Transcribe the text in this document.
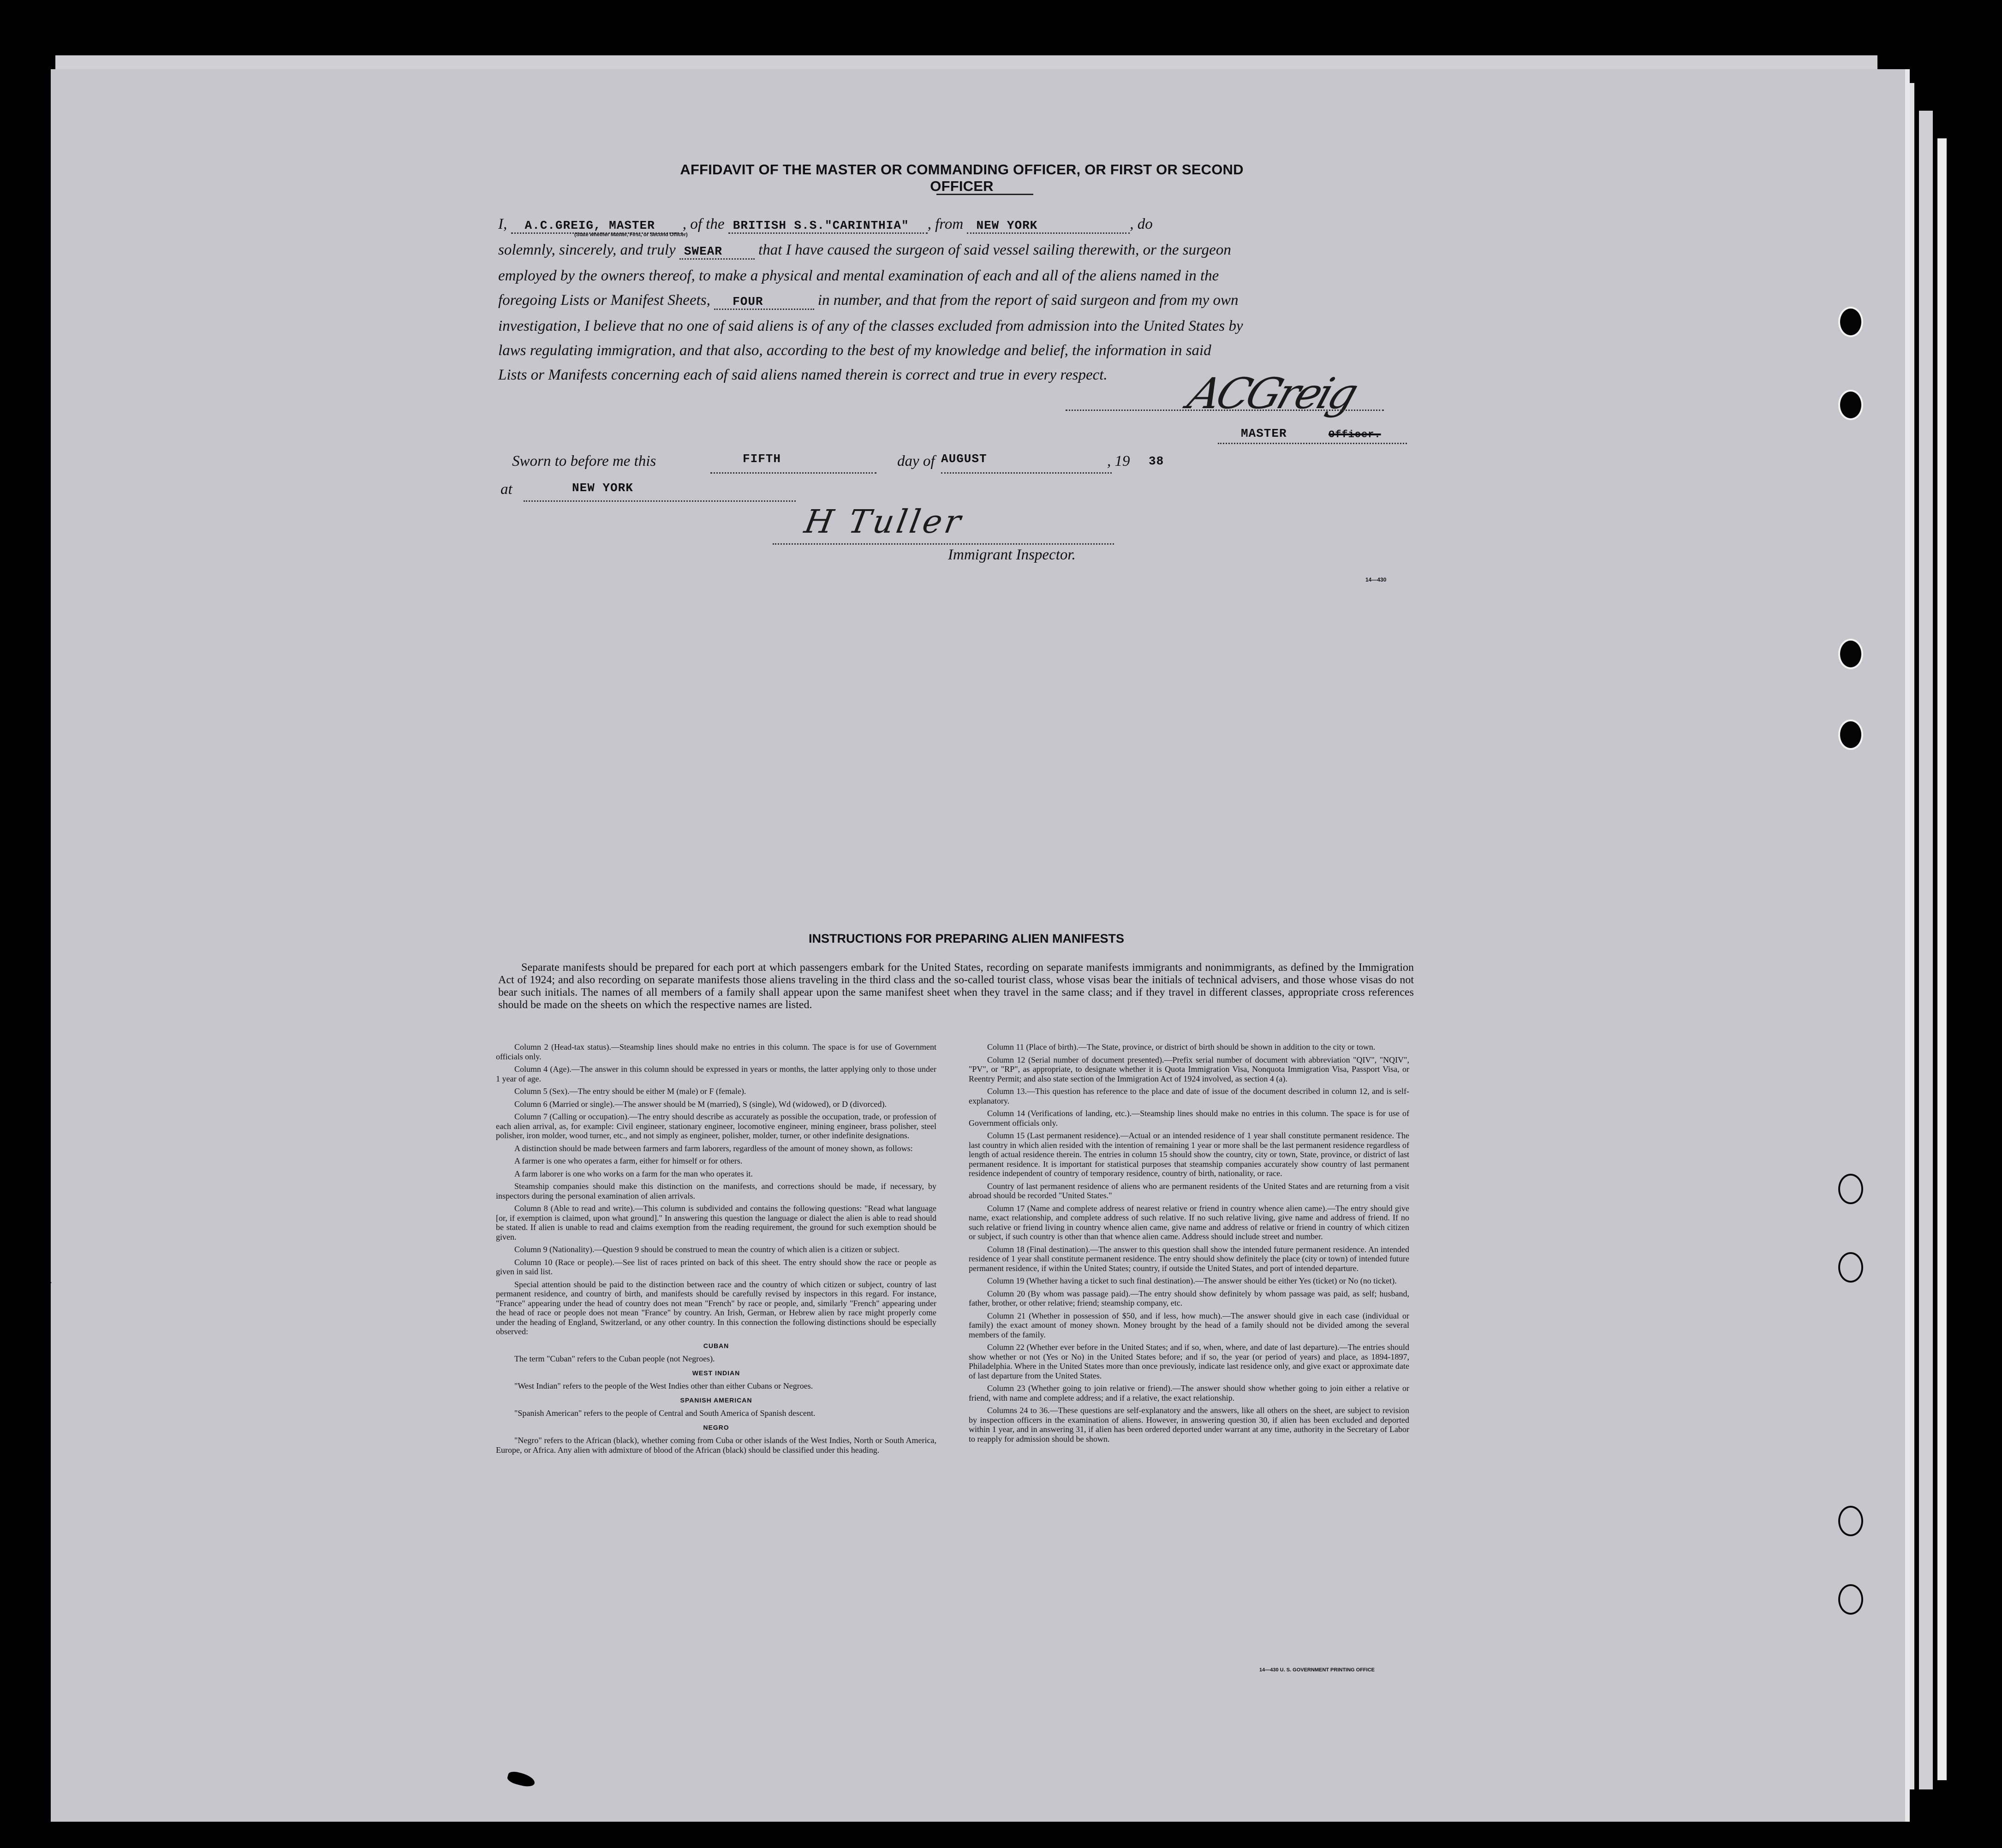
AFFIDAVIT OF THE MASTER OR COMMANDING OFFICER, OR FIRST OR SECOND OFFICER
I, A.C.GREIG, MASTER , of the BRITISH S.S."CARINTHIA" , from NEW YORK	, do
solemnly, sincerely, and truly SWEAR that I have caused the surgeon of said vessel sailing therewith, or the surgeon
employed by the owners thereof, to make a physical and mental examination of each and all of the aliens named in the
foregoing Lists or Manifest Sheets, FOUR	in number, and that from the report of said surgeon and from my own
investigation, I believe that no one of said aliens is of any of the classes excluded from admission into the United States by
laws regulating immigration, and that also, according to the best of my knowledge and belief, the information in said
Lists or Manifests concerning each of said aliens named therein is correct and true in every respect.
(State whether Master, First, or Second Officer)
ACGreig
MASTER	Officer.
Sworn to before me this	FIFTH	day of AUGUST	, 19 38
at	NEW YORK
H Tuller
Immigrant Inspector.
14—430
INSTRUCTIONS FOR PREPARING ALIEN MANIFESTS
Separate manifests should be prepared for each port at which passengers embark for the United States, recording on separate manifests immigrants and nonimmigrants, as defined by the Immigration Act of 1924; and also recording on separate manifests those aliens traveling in the third class and the so-called tourist class, whose visas bear the initials of technical advisers, and those whose visas do not bear such initials. The names of all members of a family shall appear upon the same manifest sheet when they travel in the same class; and if they travel in different classes, appropriate cross references should be made on the sheets on which the respective names are listed.

Column 2 (Head-tax status).—Steamship lines should make no entries in this column. The space is for use of Government officials only.

Column 4 (Age).—The answer in this column should be expressed in years or months, the latter applying only to those under 1 year of age.

Column 5 (Sex).—The entry should be either M (male) or F (female).

Column 6 (Married or single).—The answer should be M (married), S (single), Wd (widowed), or D (divorced).

Column 7 (Calling or occupation).—The entry should describe as accurately as possible the occupation, trade, or profession of each alien arrival, as, for example: Civil engineer, stationary engineer, locomotive engineer, mining engineer, brass polisher, steel polisher, iron molder, wood turner, etc., and not simply as engineer, polisher, molder, turner, or other indefinite designations.

A distinction should be made between farmers and farm laborers, regardless of the amount of money shown, as follows:

A farmer is one who operates a farm, either for himself or for others.

A farm laborer is one who works on a farm for the man who operates it.

Steamship companies should make this distinction on the manifests, and corrections should be made, if necessary, by inspectors during the personal examination of alien arrivals.

Column 8 (Able to read and write).—This column is subdivided and contains the following questions: "Read what language [or, if exemption is claimed, upon what ground]." In answering this question the language or dialect the alien is able to read should be stated. If alien is unable to read and claims exemption from the reading requirement, the ground for such exemption should be given.

Column 9 (Nationality).—Question 9 should be construed to mean the country of which alien is a citizen or subject.

Column 10 (Race or people).—See list of races printed on back of this sheet. The entry should show the race or people as given in said list.

Special attention should be paid to the distinction between race and the country of which citizen or subject, country of last permanent residence, and country of birth, and manifests should be carefully revised by inspectors in this regard. For instance, "France" appearing under the head of country does not mean "French" by race or people, and, similarly "French" appearing under the head of race or people does not mean "France" by country. An Irish, German, or Hebrew alien by race might properly come under the heading of England, Switzerland, or any other country. In this connection the following distinctions should be especially observed:

CUBAN

The term "Cuban" refers to the Cuban people (not Negroes).

WEST INDIAN

"West Indian" refers to the people of the West Indies other than either Cubans or Negroes.

SPANISH AMERICAN

"Spanish American" refers to the people of Central and South America of Spanish descent.

NEGRO

"Negro" refers to the African (black), whether coming from Cuba or other islands of the West Indies, North or South America, Europe, or Africa. Any alien with admixture of blood of the African (black) should be classified under this heading.

Column 11 (Place of birth).—The State, province, or district of birth should be shown in addition to the city or town.

Column 12 (Serial number of document presented).—Prefix serial number of document with abbreviation "QIV", "NQIV", "PV", or "RP", as appropriate, to designate whether it is Quota Immigration Visa, Nonquota Immigration Visa, Passport Visa, or Reentry Permit; and also state section of the Immigration Act of 1924 involved, as section 4 (a).

Column 13.—This question has reference to the place and date of issue of the document described in column 12, and is self-explanatory.

Column 14 (Verifications of landing, etc.).—Steamship lines should make no entries in this column. The space is for use of Government officials only.

Column 15 (Last permanent residence).—Actual or an intended residence of 1 year shall constitute permanent residence. The last country in which alien resided with the intention of remaining 1 year or more shall be the last permanent residence regardless of length of actual residence therein. The entries in column 15 should show the country, city or town, State, province, or district of last permanent residence. It is important for statistical purposes that steamship companies accurately show country of last permanent residence independent of country of temporary residence, country of birth, nationality, or race.

Country of last permanent residence of aliens who are permanent residents of the United States and are returning from a visit abroad should be recorded "United States."

Column 17 (Name and complete address of nearest relative or friend in country whence alien came).—The entry should give name, exact relationship, and complete address of such relative. If no such relative living, give name and address of friend. If no such relative or friend living in country whence alien came, give name and address of relative or friend in country of which citizen or subject, if such country is other than that whence alien came. Address should include street and number.

Column 18 (Final destination).—The answer to this question shall show the intended future permanent residence. An intended residence of 1 year shall constitute permanent residence. The entry should show definitely the place (city or town) of intended future permanent residence, if within the United States; country, if outside the United States, and port of intended departure.

Column 19 (Whether having a ticket to such final destination).—The answer should be either Yes (ticket) or No (no ticket).

Column 20 (By whom was passage paid).—The entry should show definitely by whom passage was paid, as self; husband, father, brother, or other relative; friend; steamship company, etc.

Column 21 (Whether in possession of $50, and if less, how much).—The answer should give in each case (individual or family) the exact amount of money shown. Money brought by the head of a family should not be divided among the several members of the family.

Column 22 (Whether ever before in the United States; and if so, when, where, and date of last departure).—The entries should show whether or not (Yes or No) in the United States before; and if so, the year (or period of years) and place, as 1894-1897, Philadelphia. Where in the United States more than once previously, indicate last residence only, and give exact or approximate date of last departure from the United States.

Column 23 (Whether going to join relative or friend).—The answer should show whether going to join either a relative or friend, with name and complete address; and if a relative, the exact relationship.

Columns 24 to 36.—These questions are self-explanatory and the answers, like all others on the sheet, are subject to revision by inspection officers in the examination of aliens. However, in answering question 30, if alien has been excluded and deported within 1 year, and in answering 31, if alien has been ordered deported under warrant at any time, authority in the Secretary of Labor to reapply for admission should be shown.

14—430 U. S. GOVERNMENT PRINTING OFFICE
